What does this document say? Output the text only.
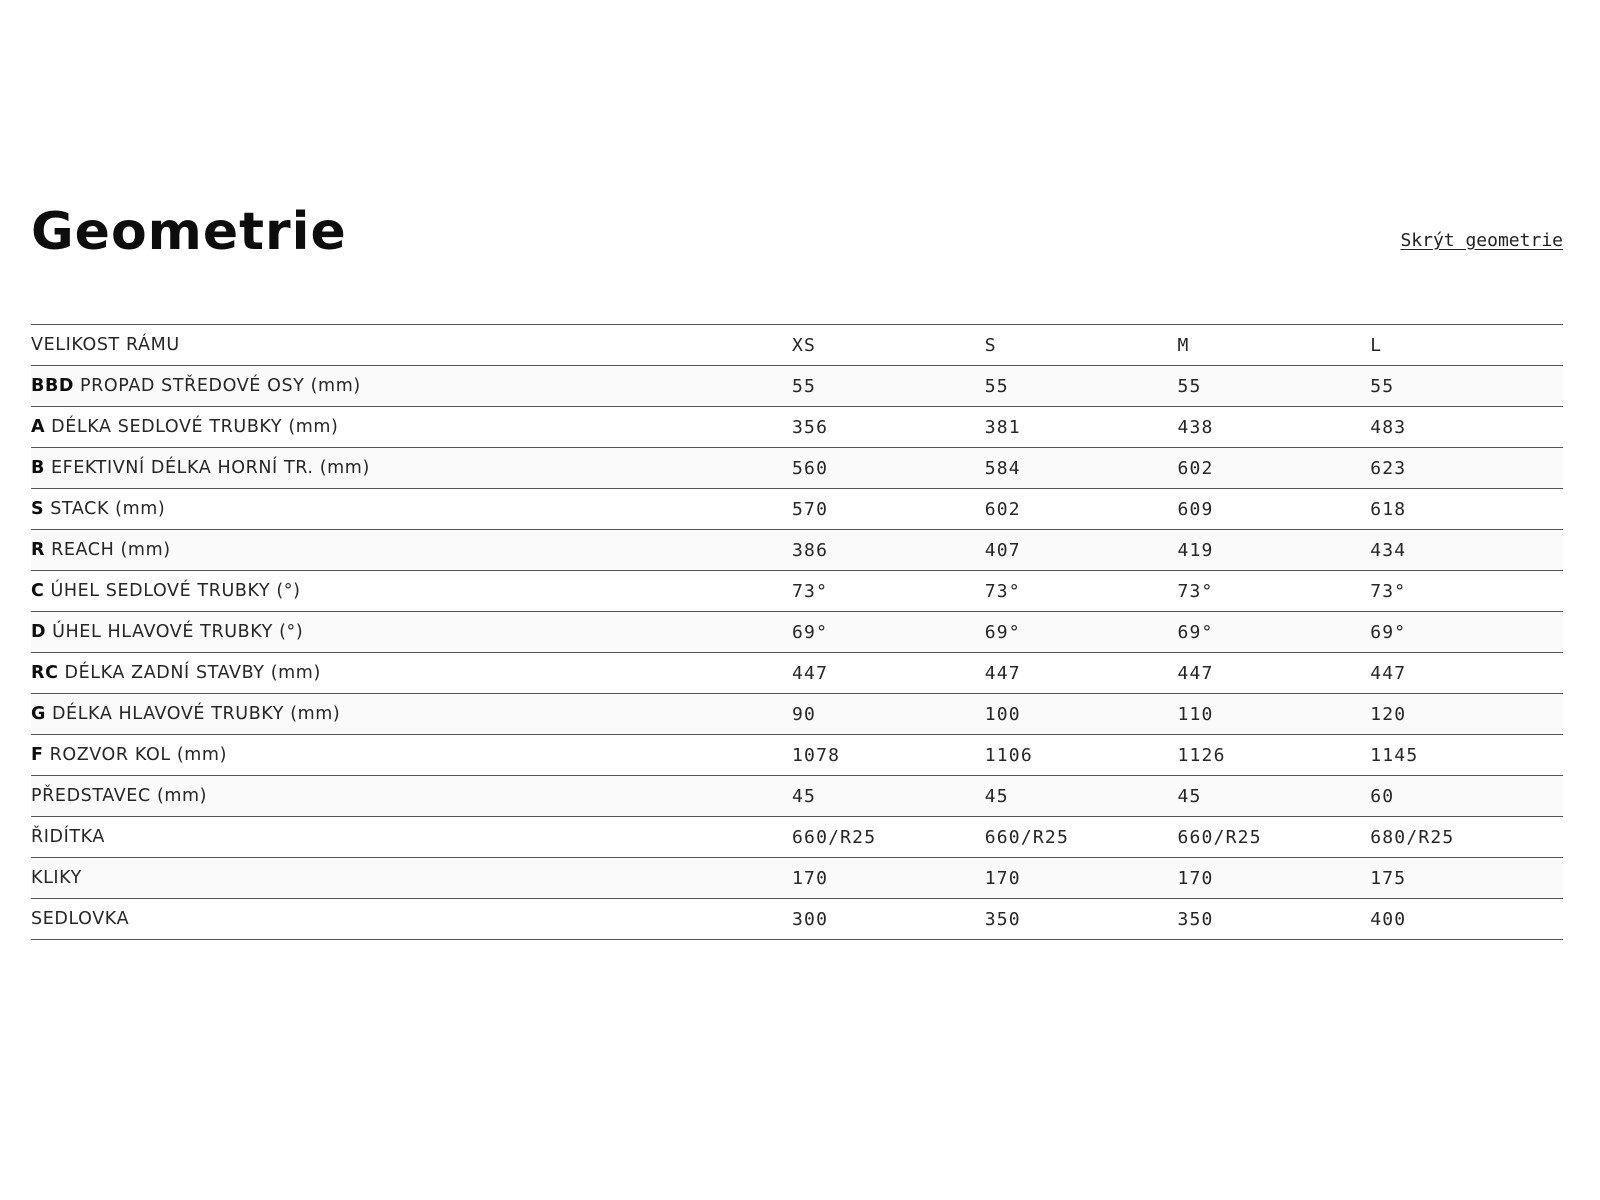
Geometrie	Skrýt geometrie
VELIKOST RÁMU	XS	S	M	L
BBD PROPAD STŘEDOVÉ OSY (mm)	55	55	55	55
A DÉLKA SEDLOVÉ TRUBKY (mm)	356	381	438	483
B EFEKTIVNÍ DÉLKA HORNÍ TR. (mm)	560	584	602	623
S STACK (mm)	570	602	609	618
R REACH (mm)	386	407	419	434
C ÚHEL SEDLOVÉ TRUBKY (°)	73°	73°	73°	73°
D ÚHEL HLAVOVÉ TRUBKY (°)	69°	69°	69°	69°
RC DÉLKA ZADNÍ STAVBY (mm)	447	447	447	447
G DÉLKA HLAVOVÉ TRUBKY (mm)	90	100	110	120
F ROZVOR KOL (mm)	1078	1106	1126	1145
PŘEDSTAVEC (mm)	45	45	45	60
ŘIDÍTKA	660/R25	660/R25	660/R25	680/R25
KLIKY	170	170	170	175
SEDLOVKA	300	350	350	400
